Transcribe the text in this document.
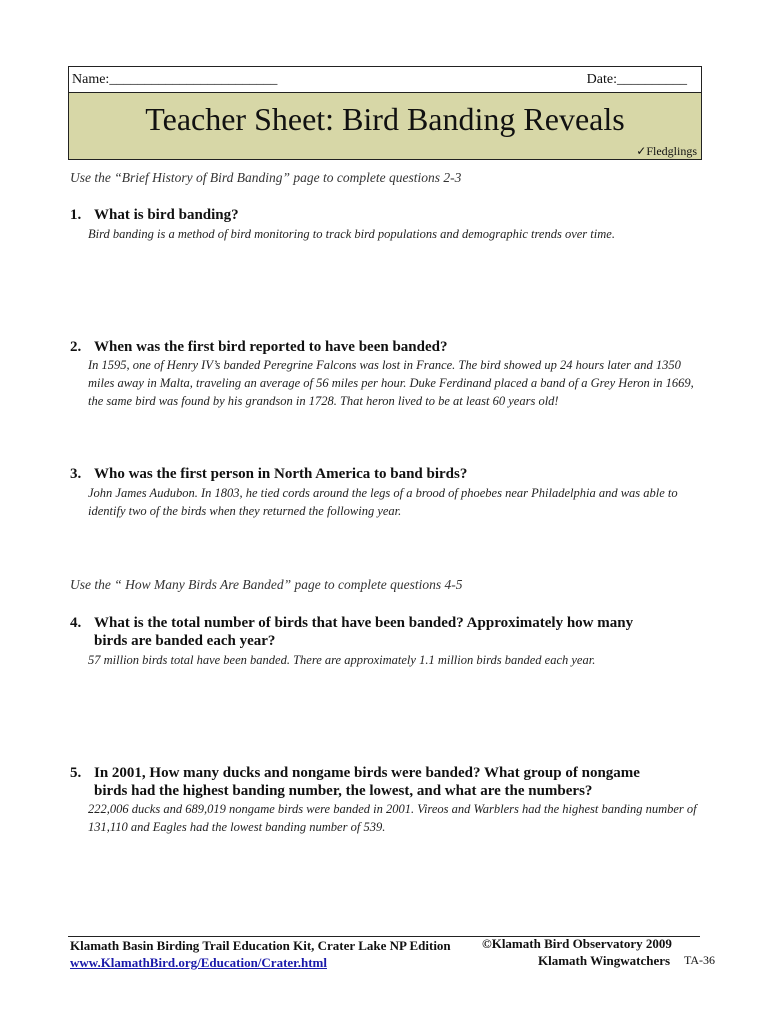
Name:________________________	Date:__________
Teacher Sheet: Bird Banding Reveals
✓Fledglings
Use the “Brief History of Bird Banding” page to complete questions 2-3
1. What is bird banding?
Bird banding is a method of bird monitoring to track bird populations and demographic trends over time.
2. When was the first bird reported to have been banded?
In 1595, one of Henry IV’s banded Peregrine Falcons was lost in France. The bird showed up 24 hours later and 1350 miles away in Malta, traveling an average of 56 miles per hour. Duke Ferdinand placed a band of a Grey Heron in 1669, the same bird was found by his grandson in 1728. That heron lived to be at least 60 years old!
3. Who was the first person in North America to band birds?
John James Audubon. In 1803, he tied cords around the legs of a brood of phoebes near Philadelphia and was able to identify two of the birds when they returned the following year.
Use the “ How Many Birds Are Banded” page to complete questions 4-5
4. What is the total number of birds that have been banded? Approximately how many
birds are banded each year?
57 million birds total have been banded. There are approximately 1.1 million birds banded each year.
5. In 2001, How many ducks and nongame birds were banded? What group of nongame
birds had the highest banding number, the lowest, and what are the numbers?
222,006 ducks and 689,019 nongame birds were banded in 2001. Vireos and Warblers had the highest banding number of 131,110 and Eagles had the lowest banding number of 539.
Klamath Basin Birding Trail Education Kit, Crater Lake NP Edition
www.KlamathBird.org/Education/Crater.html
©Klamath Bird Observatory 2009
Klamath Wingwatchers TA-36
